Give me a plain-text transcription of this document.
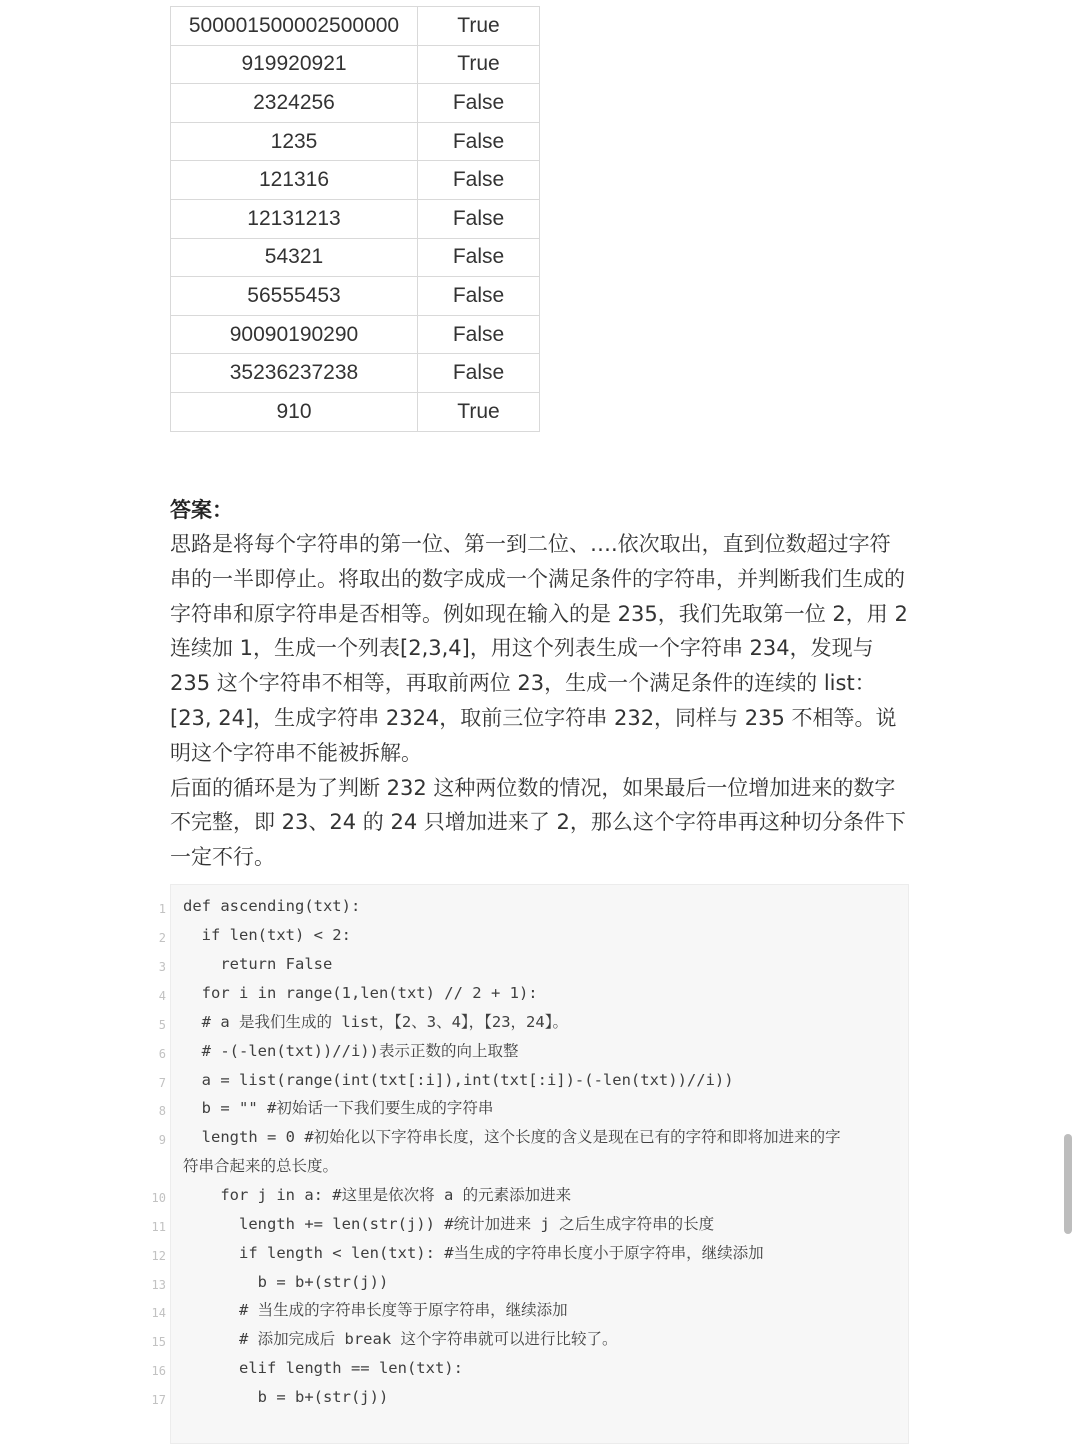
500001500002500000	True
919920921	True
2324256	False
1235	False
121316	False
12131213	False
54321	False
56555453	False
90090190290	False
35236237238	False
910	True
答案：

思路是将每个字符串的第一位、第一到二位、….依次取出，直到位数超过字符串的一半即停止。将取出的数字成成一个满足条件的字符串，并判断我们生成的字符串和原字符串是否相等。例如现在输入的是 235，我们先取第一位 2，用 2 连续加 1，生成一个列表[2,3,4]，用这个列表生成一个字符串 234，发现与 235 这个字符串不相等，再取前两位 23，生成一个满足条件的连续的 list：[23, 24]，生成字符串 2324，取前三位字符串 232，同样与 235 不相等。说明这个字符串不能被拆解。

后面的循环是为了判断 232 这种两位数的情况，如果最后一位增加进来的数字不完整，即 23、24 的 24 只增加进来了 2，那么这个字符串再这种切分条件下一定不行。

1
2
3
4
5
6
7
8
9
10
11
12
13
14
15
16
17
def ascending(txt):
if len(txt) < 2:
return False
for i in range(1,len(txt) // 2 + 1):
# a 是我们生成的 list，【2、3、4】，【23，24】。
# -(-len(txt))//i))表示正数的向上取整
a = list(range(int(txt[:i]),int(txt[:i])-(-len(txt))//i))
b = "" #初始话一下我们要生成的字符串
length = 0 #初始化以下字符串长度，这个长度的含义是现在已有的字符和即将加进来的字
符串合起来的总长度。
for j in a: #这里是依次将 a 的元素添加进来
length += len(str(j)) #统计加进来 j 之后生成字符串的长度
if length < len(txt): #当生成的字符串长度小于原字符串，继续添加
b = b+(str(j))
# 当生成的字符串长度等于原字符串，继续添加
# 添加完成后 break 这个字符串就可以进行比较了。
elif length == len(txt):
b = b+(str(j))
